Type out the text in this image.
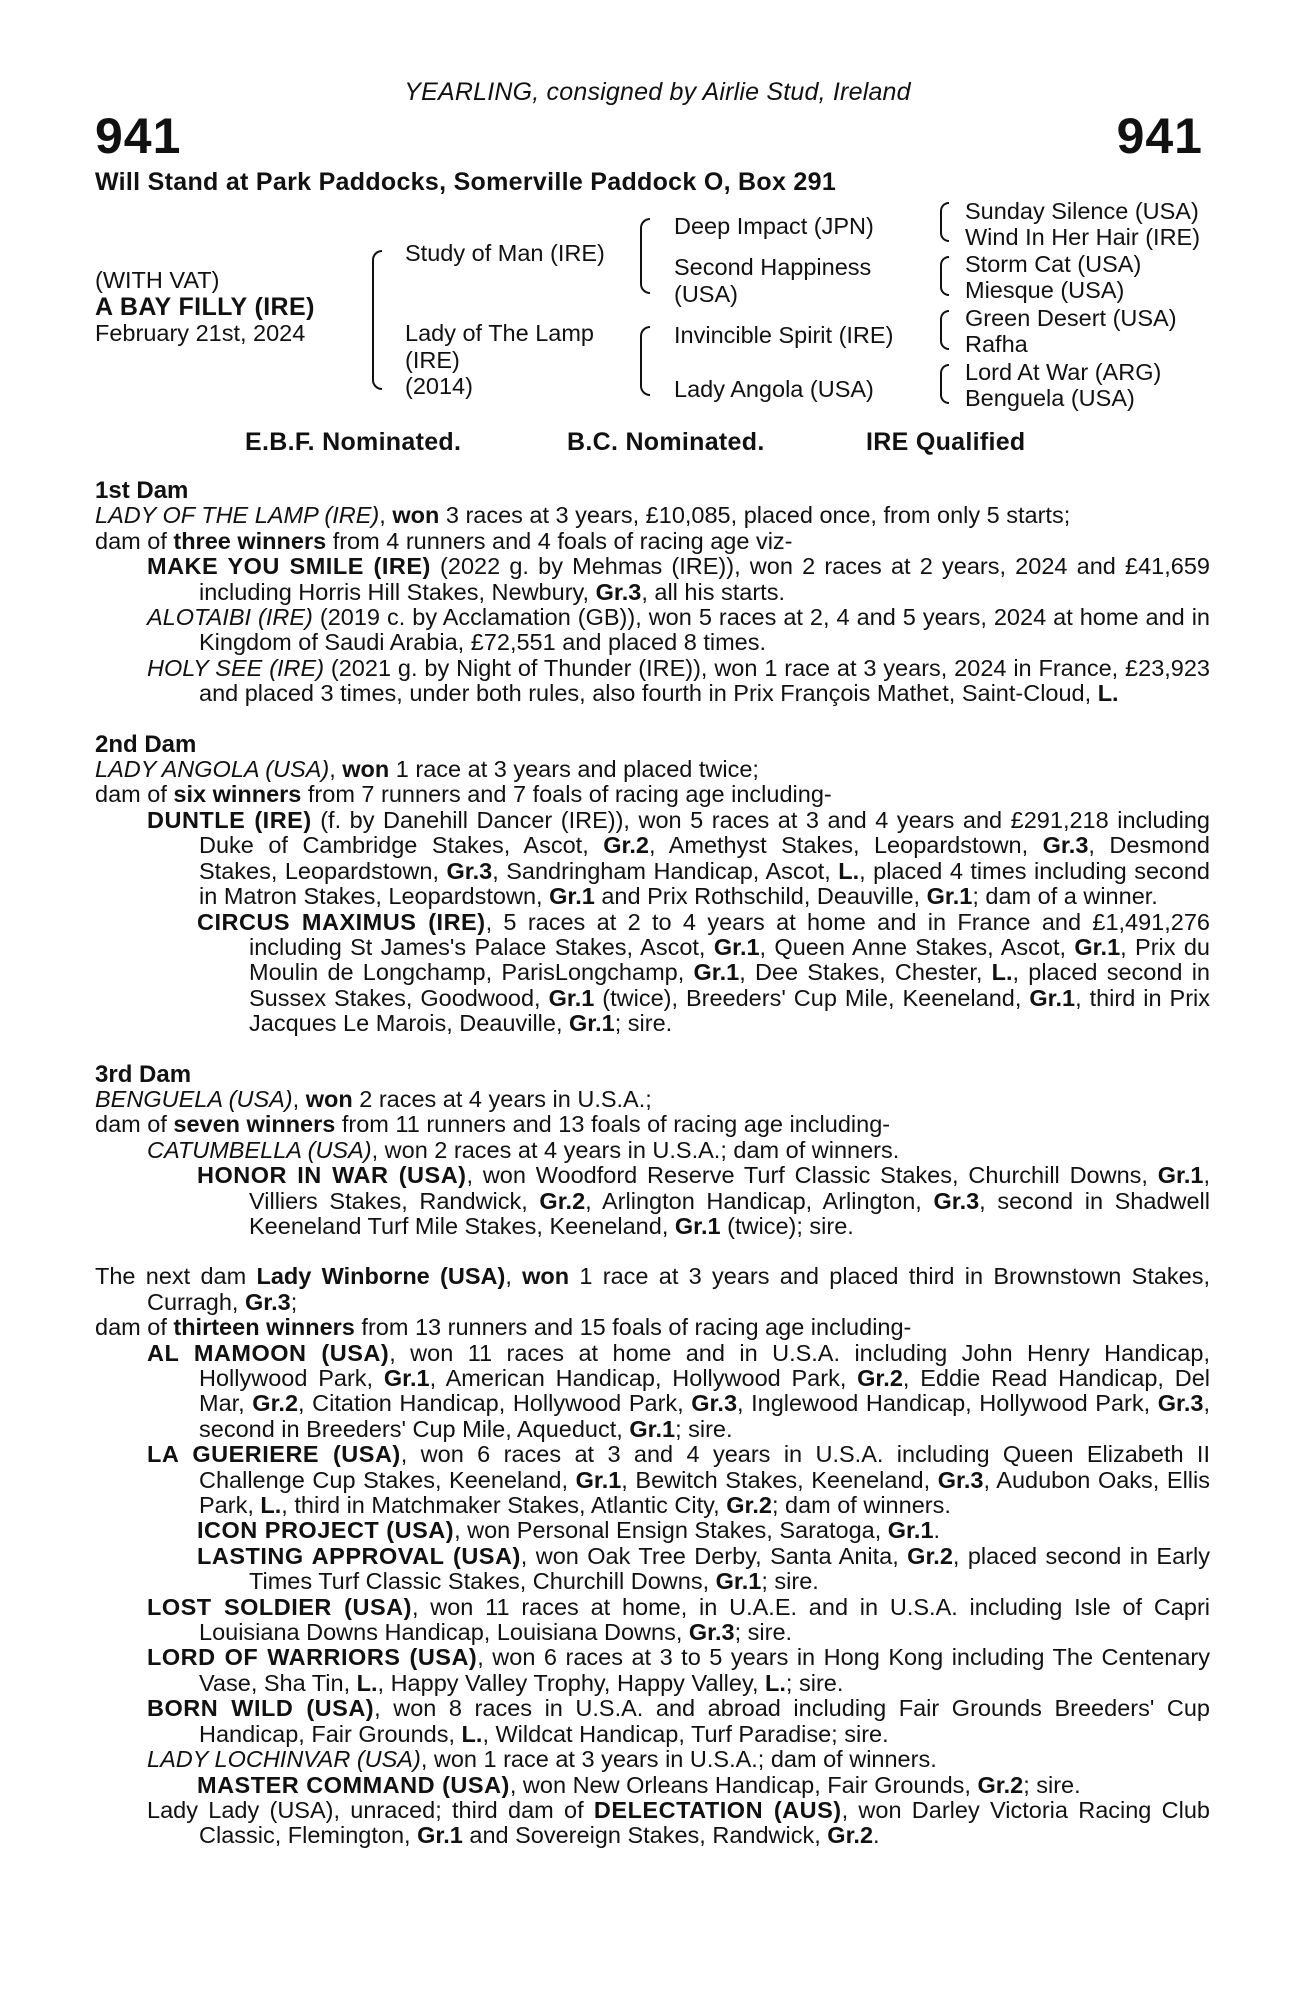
YEARLING, consigned by Airlie Stud, Ireland
941	941
Will Stand at Park Paddocks, Somerville Paddock O, Box 291
(WITH VAT)
A BAY FILLY (IRE)
February 21st, 2024
Study of Man (IRE)
Lady of The Lamp
(IRE)
(2014)
Deep Impact (JPN)
Second Happiness
(USA)
Invincible Spirit (IRE)
Lady Angola (USA)
Sunday Silence (USA)
Wind In Her Hair (IRE)
Storm Cat (USA)
Miesque (USA)
Green Desert (USA)
Rafha
Lord At War (ARG)
Benguela (USA)
E.B.F. Nominated.	B.C. Nominated.	IRE Qualified
1st Dam
LADY OF THE LAMP (IRE), won 3 races at 3 years, £10,085, placed once, from only 5 starts;
dam of three winners from 4 runners and 4 foals of racing age viz-
MAKE YOU SMILE (IRE) (2022 g. by Mehmas (IRE)), won 2 races at 2 years, 2024 and £41,659 including Horris Hill Stakes, Newbury, Gr.3, all his starts.
ALOTAIBI (IRE) (2019 c. by Acclamation (GB)), won 5 races at 2, 4 and 5 years, 2024 at home and in Kingdom of Saudi Arabia, £72,551 and placed 8 times.
HOLY SEE (IRE) (2021 g. by Night of Thunder (IRE)), won 1 race at 3 years, 2024 in France, £23,923 and placed 3 times, under both rules, also fourth in Prix François Mathet, Saint-Cloud, L.
2nd Dam
LADY ANGOLA (USA), won 1 race at 3 years and placed twice;
dam of six winners from 7 runners and 7 foals of racing age including-
DUNTLE (IRE) (f. by Danehill Dancer (IRE)), won 5 races at 3 and 4 years and £291,218 including Duke of Cambridge Stakes, Ascot, Gr.2, Amethyst Stakes, Leopardstown, Gr.3, Desmond Stakes, Leopardstown, Gr.3, Sandringham Handicap, Ascot, L., placed 4 times including second in Matron Stakes, Leopardstown, Gr.1 and Prix Rothschild, Deauville, Gr.1; dam of a winner.
CIRCUS MAXIMUS (IRE), 5 races at 2 to 4 years at home and in France and £1,491,276 including St James's Palace Stakes, Ascot, Gr.1, Queen Anne Stakes, Ascot, Gr.1, Prix du Moulin de Longchamp, ParisLongchamp, Gr.1, Dee Stakes, Chester, L., placed second in Sussex Stakes, Goodwood, Gr.1 (twice), Breeders' Cup Mile, Keeneland, Gr.1, third in Prix Jacques Le Marois, Deauville, Gr.1; sire.
3rd Dam
BENGUELA (USA), won 2 races at 4 years in U.S.A.;
dam of seven winners from 11 runners and 13 foals of racing age including-
CATUMBELLA (USA), won 2 races at 4 years in U.S.A.; dam of winners.
HONOR IN WAR (USA), won Woodford Reserve Turf Classic Stakes, Churchill Downs, Gr.1, Villiers Stakes, Randwick, Gr.2, Arlington Handicap, Arlington, Gr.3, second in Shadwell Keeneland Turf Mile Stakes, Keeneland, Gr.1 (twice); sire.
The next dam Lady Winborne (USA), won 1 race at 3 years and placed third in Brownstown Stakes, Curragh, Gr.3;
dam of thirteen winners from 13 runners and 15 foals of racing age including-
AL MAMOON (USA), won 11 races at home and in U.S.A. including John Henry Handicap, Hollywood Park, Gr.1, American Handicap, Hollywood Park, Gr.2, Eddie Read Handicap, Del Mar, Gr.2, Citation Handicap, Hollywood Park, Gr.3, Inglewood Handicap, Hollywood Park, Gr.3, second in Breeders' Cup Mile, Aqueduct, Gr.1; sire.
LA GUERIERE (USA), won 6 races at 3 and 4 years in U.S.A. including Queen Elizabeth II Challenge Cup Stakes, Keeneland, Gr.1, Bewitch Stakes, Keeneland, Gr.3, Audubon Oaks, Ellis Park, L., third in Matchmaker Stakes, Atlantic City, Gr.2; dam of winners.
ICON PROJECT (USA), won Personal Ensign Stakes, Saratoga, Gr.1.
LASTING APPROVAL (USA), won Oak Tree Derby, Santa Anita, Gr.2, placed second in Early Times Turf Classic Stakes, Churchill Downs, Gr.1; sire.
LOST SOLDIER (USA), won 11 races at home, in U.A.E. and in U.S.A. including Isle of Capri Louisiana Downs Handicap, Louisiana Downs, Gr.3; sire.
LORD OF WARRIORS (USA), won 6 races at 3 to 5 years in Hong Kong including The Centenary Vase, Sha Tin, L., Happy Valley Trophy, Happy Valley, L.; sire.
BORN WILD (USA), won 8 races in U.S.A. and abroad including Fair Grounds Breeders' Cup Handicap, Fair Grounds, L., Wildcat Handicap, Turf Paradise; sire.
LADY LOCHINVAR (USA), won 1 race at 3 years in U.S.A.; dam of winners.
MASTER COMMAND (USA), won New Orleans Handicap, Fair Grounds, Gr.2; sire.
Lady Lady (USA), unraced; third dam of DELECTATION (AUS), won Darley Victoria Racing Club Classic, Flemington, Gr.1 and Sovereign Stakes, Randwick, Gr.2.
